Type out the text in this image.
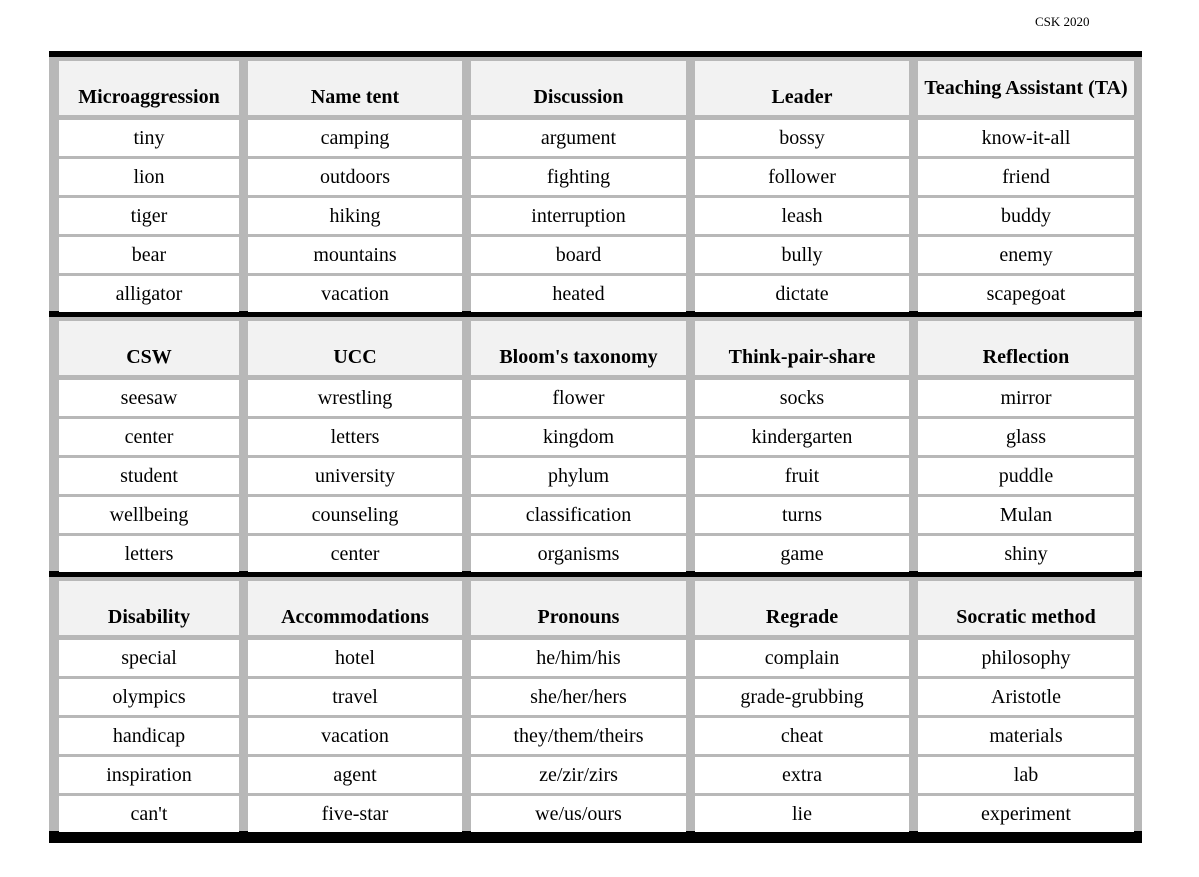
CSK 2020
Microaggression
tiny
lion
tiger
bear
alligator
Name tent
camping
outdoors
hiking
mountains
vacation
Discussion
argument
fighting
interruption
board
heated
Leader
bossy
follower
leash
bully
dictate
Teaching Assistant (TA)
know-it-all
friend
buddy
enemy
scapegoat
CSW
seesaw
center
student
wellbeing
letters
UCC
wrestling
letters
university
counseling
center
Bloom's taxonomy
flower
kingdom
phylum
classification
organisms
Think-pair-share
socks
kindergarten
fruit
turns
game
Reflection
mirror
glass
puddle
Mulan
shiny
Disability
special
olympics
handicap
inspiration
can't
Accommodations
hotel
travel
vacation
agent
five-star
Pronouns
he/him/his
she/her/hers
they/them/theirs
ze/zir/zirs
we/us/ours
Regrade
complain
grade-grubbing
cheat
extra
lie
Socratic method
philosophy
Aristotle
materials
lab
experiment
